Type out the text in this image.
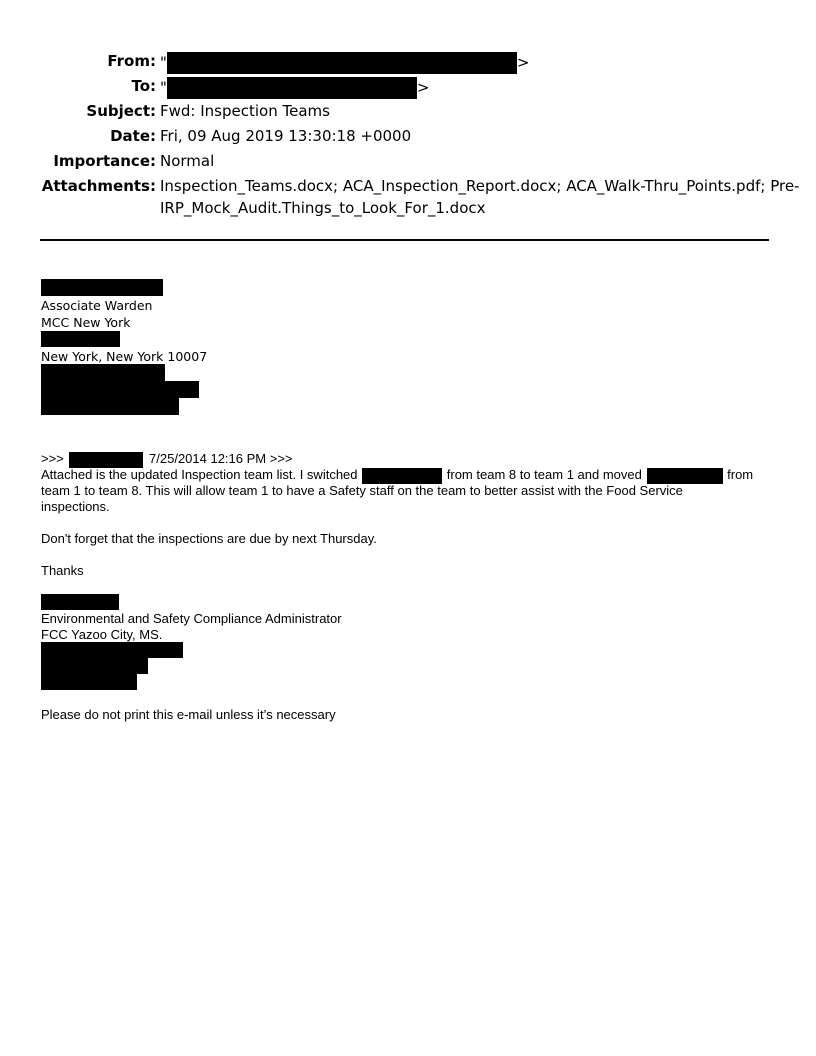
From: "	>
To: "	>
Subject: Fwd: Inspection Teams
Date: Fri, 09 Aug 2019 13:30:18 +0000
Importance: Normal
Attachments: Inspection_Teams.docx; ACA_Inspection_Report.docx; ACA_Walk-Thru_Points.pdf; Pre-
IRP_Mock_Audit.Things_to_Look_For_1.docx
Associate Warden
MCC New York
New York, New York 10007
>>>	7/25/2014 12:16 PM >>>
Attached is the updated Inspection team list. I switched	from team 8 to team 1 and moved	from
team 1 to team 8. This will allow team 1 to have a Safety staff on the team to better assist with the Food Service
inspections.
Don't forget that the inspections are due by next Thursday.
Thanks
Environmental and Safety Compliance Administrator
FCC Yazoo City, MS.
Please do not print this e-mail unless it’s necessary
